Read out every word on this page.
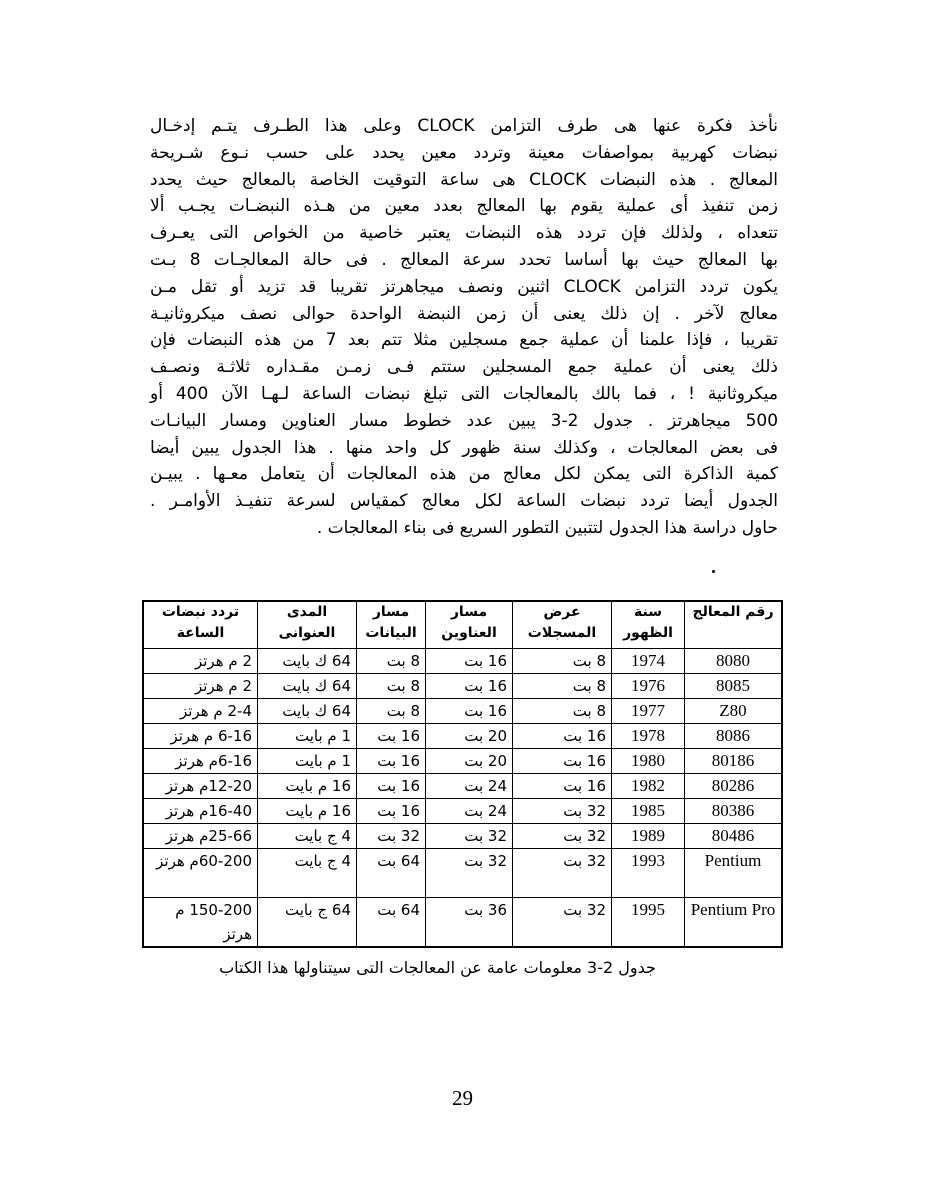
نأخذ فكرة عنها هى طرف التزامن CLOCK وعلى هذا الطـرف يتـم إدخـال
نبضات كهربية بمواصفات معينة وتردد معين يحدد على حسب نـوع شـريحة
المعالج . هذه النبضات CLOCK هى ساعة التوقيت الخاصة بالمعالج حيث يحدد
زمن تنفيذ أى عملية يقوم بها المعالج بعدد معين من هـذه النبضـات يجـب ألا
تتعداه ، ولذلك فإن تردد هذه النبضات يعتبر خاصية من الخواص التى يعـرف
بها المعالج حيث بها أساسا تحدد سرعة المعالج . فى حالة المعالجـات 8 بـت
يكون تردد التزامن CLOCK اثنين ونصف ميجاهرتز تقريبا قد تزيد أو تقل مـن
معالج لآخر . إن ذلك يعنى أن زمن النبضة الواحدة حوالى نصف ميكروثانيـة
تقريبا ، فإذا علمنا أن عملية جمع مسجلين مثلا تتم بعد 7 من هذه النبضات فإن
ذلك يعنى أن عملية جمع المسجلين ستتم فـى زمـن مقـداره ثلاثـة ونصـف
ميكروثانية ! ، فما بالك بالمعالجات التى تبلغ نبضات الساعة لـهـا الآن 400 أو
500 ميجاهرتز . جدول 2-3 يبين عدد خطوط مسار العناوين ومسار البيانـات
فى بعض المعالجات ، وكذلك سنة ظهور كل واحد منها . هذا الجدول يبين أيضا
كمية الذاكرة التى يمكن لكل معالج من هذه المعالجات أن يتعامل معـها . يبيـن
الجدول أيضا تردد نبضات الساعة لكل معالج كمقياس لسرعة تنفيـذ الأوامـر .
حاول دراسة هذا الجدول لتتبين التطور السريع فى بناء المعالجات .
رقم المعالج	سنة الظهور	عرض المسجلات	مسار العناوين	مسار البيانات	المدى العنوانى	تردد نبضات الساعة
8080	1974	8 بت	16 بت	8 بت	64 ك بايت	2 م هرتز
8085	1976	8 بت	16 بت	8 بت	64 ك بايت	2 م هرتز
Z80	1977	8 بت	16 بت	8 بت	64 ك بايت	2-4 م هرتز
8086	1978	16 بت	20 بت	16 بت	1 م بايت	6-16 م هرتز
80186	1980	16 بت	20 بت	16 بت	1 م بايت	6-16م هرتز
80286	1982	16 بت	24 بت	16 بت	16 م بايت	12-20م هرتز
80386	1985	32 بت	24 بت	16 بت	16 م بايت	16-40م هرتز
80486	1989	32 بت	32 بت	32 بت	4 ج بايت	25-66م هرتز
Pentium	1993	32 بت	32 بت	64 بت	4 ج بايت	60-200م هرتز
Pentium Pro	1995	32 بت	36 بت	64 بت	64 ج بايت	150-200 م هرتز
جدول 2-3 معلومات عامة عن المعالجات التى سيتناولها هذا الكتاب
29
